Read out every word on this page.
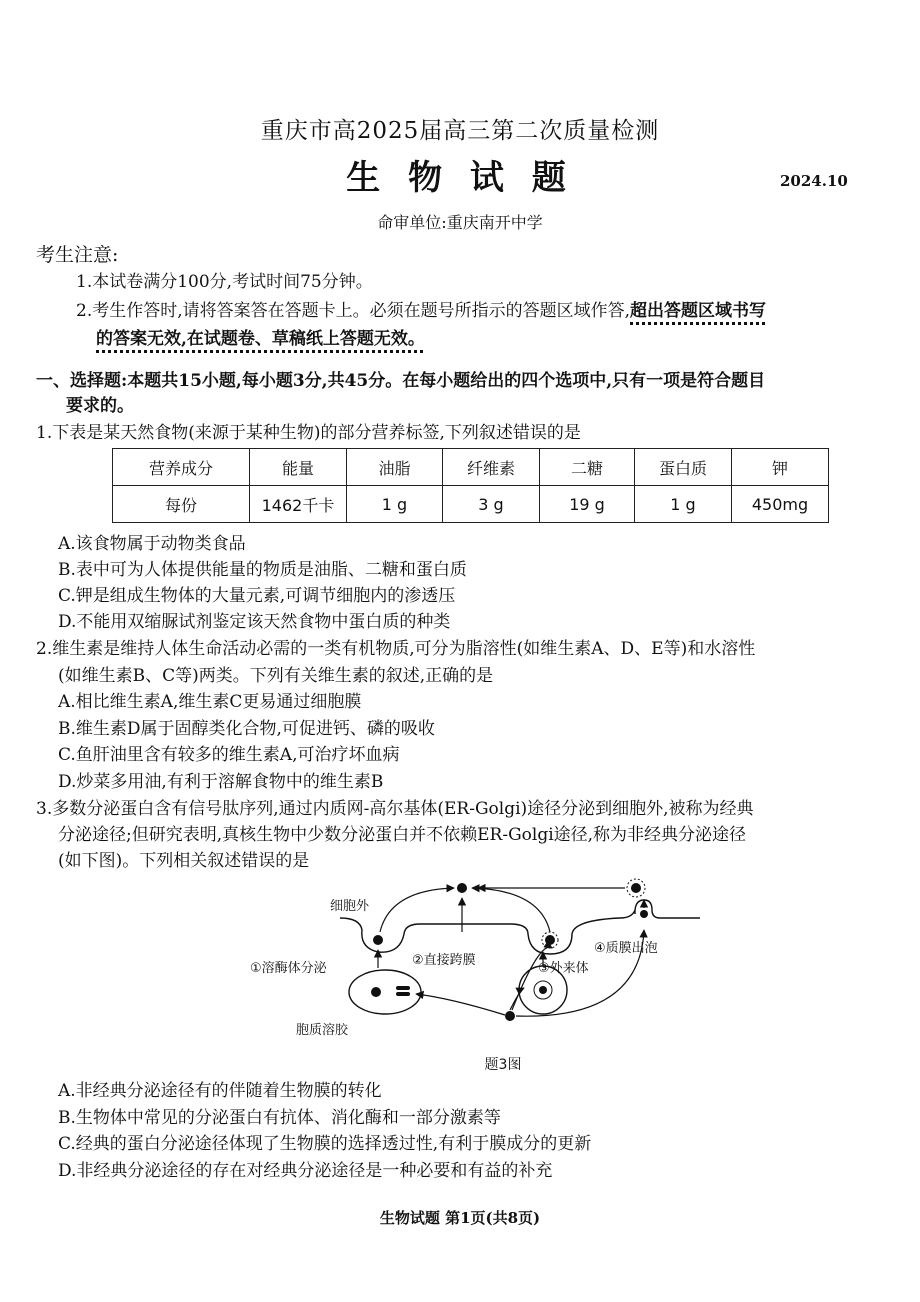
重庆市高2025届高三第二次质量检测
生 物 试 题	2024.10
命审单位:重庆南开中学
考生注意:
1.本试卷满分100分,考试时间75分钟。
2.考生作答时,请将答案答在答题卡上。必须在题号所指示的答题区域作答,超出答题区域书写
的答案无效,在试题卷、草稿纸上答题无效。
一、选择题:本题共15小题,每小题3分,共45分。在每小题给出的四个选项中,只有一项是符合题目
要求的。
1.下表是某天然食物(来源于某种生物)的部分营养标签,下列叙述错误的是
营养成分	能量	油脂	纤维素	二糖	蛋白质	钾
每份	1462千卡	1 g	3 g	19 g	1 g	450mg
A.该食物属于动物类食品
B.表中可为人体提供能量的物质是油脂、二糖和蛋白质
C.钾是组成生物体的大量元素,可调节细胞内的渗透压
D.不能用双缩脲试剂鉴定该天然食物中蛋白质的种类
2.维生素是维持人体生命活动必需的一类有机物质,可分为脂溶性(如维生素A、D、E等)和水溶性
(如维生素B、C等)两类。下列有关维生素的叙述,正确的是
A.相比维生素A,维生素C更易通过细胞膜
B.维生素D属于固醇类化合物,可促进钙、磷的吸收
C.鱼肝油里含有较多的维生素A,可治疗坏血病
D.炒菜多用油,有利于溶解食物中的维生素B
3.多数分泌蛋白含有信号肽序列,通过内质网-高尔基体(ER-Golgi)途径分泌到细胞外,被称为经典
分泌途径;但研究表明,真核生物中少数分泌蛋白并不依赖ER-Golgi途径,称为非经典分泌途径
(如下图)。下列相关叙述错误的是
细胞外
①溶酶体分泌
②直接跨膜
③外来体
④质膜出泡
胞质溶胶
题3图
A.非经典分泌途径有的伴随着生物膜的转化
B.生物体中常见的分泌蛋白有抗体、消化酶和一部分激素等
C.经典的蛋白分泌途径体现了生物膜的选择透过性,有利于膜成分的更新
D.非经典分泌途径的存在对经典分泌途径是一种必要和有益的补充
生物试题 第1页(共8页)
